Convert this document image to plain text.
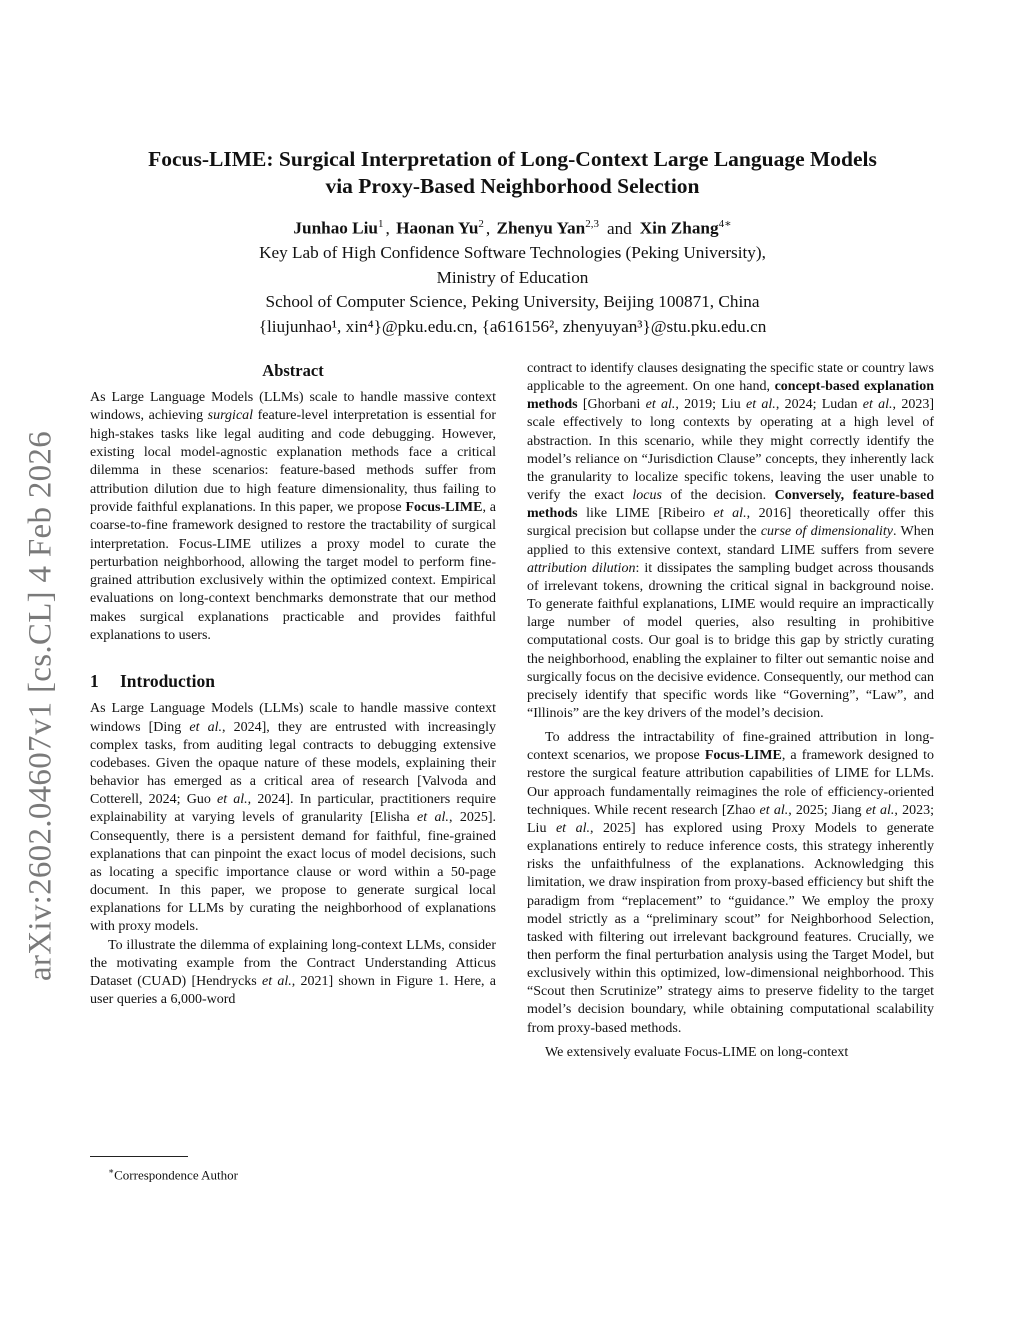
arXiv:2602.04607v1 [cs.CL] 4 Feb 2026
Focus-LIME: Surgical Interpretation of Long-Context Large Language Models
via Proxy-Based Neighborhood Selection
Junhao Liu$^1$ , Haonan Yu$^2$ , Zhenyu Yan$^{2,3}$ and Xin Zhang$^{4∗}$
Key Lab of High Confidence Software Technologies (Peking University),
Ministry of Education
School of Computer Science, Peking University, Beijing 100871, China
{liujunhao¹, xin⁴}@pku.edu.cn, {a616156², zhenyuyan³}@stu.pku.edu.cn
Abstract

As Large Language Models (LLMs) scale to handle massive context windows, achieving surgical feature-level interpretation is essential for high-stakes tasks like legal auditing and code debugging. However, existing local model-agnostic explanation methods face a critical dilemma in these scenarios: feature-based methods suffer from attribution dilution due to high feature dimensionality, thus failing to provide faithful explanations. In this paper, we propose Focus-LIME, a coarse-to-fine framework designed to restore the tractability of surgical interpretation. Focus-LIME utilizes a proxy model to curate the perturbation neighborhood, allowing the target model to perform fine-grained attribution exclusively within the optimized context. Empirical evaluations on long-context benchmarks demonstrate that our method makes surgical explanations practicable and provides faithful explanations to users.

1 Introduction

As Large Language Models (LLMs) scale to handle massive context windows [Ding et al., 2024], they are entrusted with increasingly complex tasks, from auditing legal contracts to debugging extensive codebases. Given the opaque nature of these models, explaining their behavior has emerged as a critical area of research [Valvoda and Cotterell, 2024; Guo et al., 2024]. In particular, practitioners require explainability at varying levels of granularity [Elisha et al., 2025]. Consequently, there is a persistent demand for faithful, fine-grained explanations that can pinpoint the exact locus of model decisions, such as locating a specific importance clause or word within a 50-page document. In this paper, we propose to generate surgical local explanations for LLMs by curating the neighborhood of explanations with proxy models.

To illustrate the dilemma of explaining long-context LLMs, consider the motivating example from the Contract Understanding Atticus Dataset (CUAD) [Hendrycks et al., 2021] shown in Figure 1. Here, a user queries a 6,000-word

contract to identify clauses designating the specific state or country laws applicable to the agreement. On one hand, concept-based explanation methods [Ghorbani et al., 2019; Liu et al., 2024; Ludan et al., 2023] scale effectively to long contexts by operating at a high level of abstraction. In this scenario, while they might correctly identify the model’s reliance on “Jurisdiction Clause” concepts, they inherently lack the granularity to localize specific tokens, leaving the user unable to verify the exact locus of the decision. Conversely, feature-based methods like LIME [Ribeiro et al., 2016] theoretically offer this surgical precision but collapse under the curse of dimensionality. When applied to this extensive context, standard LIME suffers from severe attribution dilution: it dissipates the sampling budget across thousands of irrelevant tokens, drowning the critical signal in background noise. To generate faithful explanations, LIME would require an impractically large number of model queries, also resulting in prohibitive computational costs. Our goal is to bridge this gap by strictly curating the neighborhood, enabling the explainer to filter out semantic noise and surgically focus on the decisive evidence. Consequently, our method can precisely identify that specific words like “Governing”, “Law”, and “Illinois” are the key drivers of the model’s decision.

To address the intractability of fine-grained attribution in long-context scenarios, we propose Focus-LIME, a framework designed to restore the surgical feature attribution capabilities of LIME for LLMs. Our approach fundamentally reimagines the role of efficiency-oriented techniques. While recent research [Zhao et al., 2025; Jiang et al., 2023; Liu et al., 2025] has explored using Proxy Models to generate explanations entirely to reduce inference costs, this strategy inherently risks the unfaithfulness of the explanations. Acknowledging this limitation, we draw inspiration from proxy-based efficiency but shift the paradigm from “replacement” to “guidance.” We employ the proxy model strictly as a “preliminary scout” for Neighborhood Selection, tasked with filtering out irrelevant background features. Crucially, we then perform the final perturbation analysis using the Target Model, but exclusively within this optimized, low-dimensional neighborhood. This “Scout then Scrutinize” strategy aims to preserve fidelity to the target model’s decision boundary, while obtaining computational scalability from proxy-based methods.

We extensively evaluate Focus-LIME on long-context

∗Correspondence Author
